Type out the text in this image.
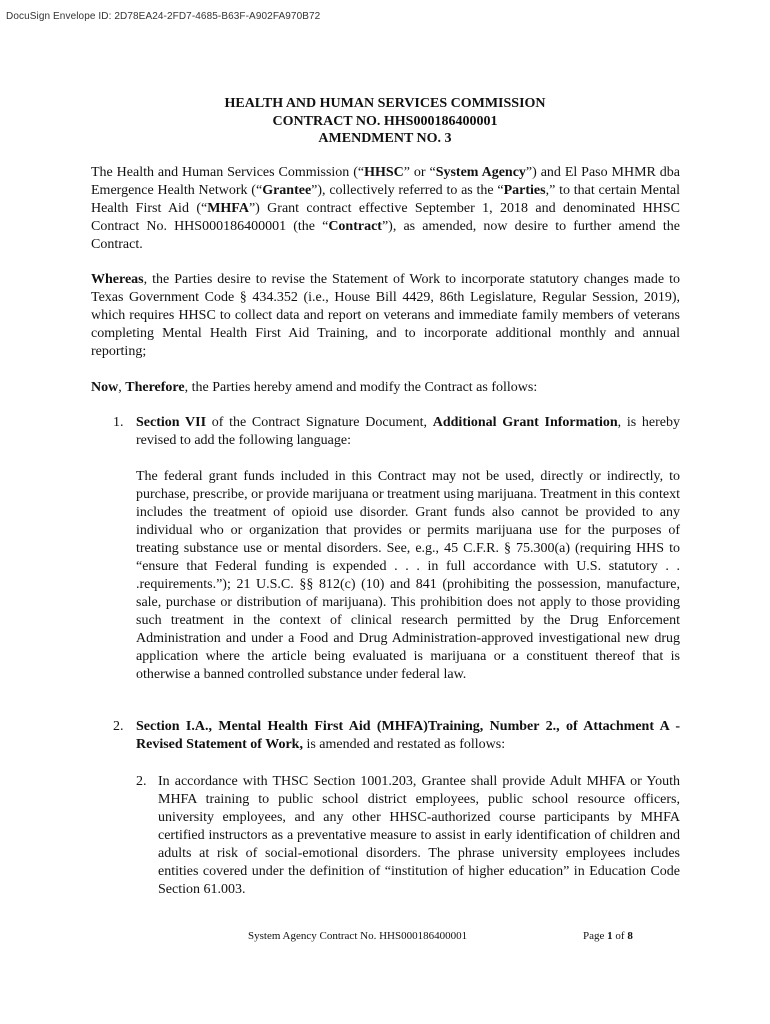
DocuSign Envelope ID: 2D78EA24-2FD7-4685-B63F-A902FA970B72
HEALTH AND HUMAN SERVICES COMMISSION
CONTRACT NO. HHS000186400001
AMENDMENT NO. 3

The Health and Human Services Commission (“HHSC” or “System Agency”) and El Paso MHMR dba Emergence Health Network (“Grantee”), collectively referred to as the “Parties,” to that certain Mental Health First Aid (“MHFA”) Grant contract effective September 1, 2018 and denominated HHSC Contract No. HHS000186400001 (the “Contract”), as amended, now desire to further amend the Contract.

Whereas, the Parties desire to revise the Statement of Work to incorporate statutory changes made to Texas Government Code § 434.352 (i.e., House Bill 4429, 86th Legislature, Regular Session, 2019), which requires HHSC to collect data and report on veterans and immediate family members of veterans completing Mental Health First Aid Training, and to incorporate additional monthly and annual reporting;

Now, Therefore, the Parties hereby amend and modify the Contract as follows:

1. Section VII of the Contract Signature Document, Additional Grant Information, is hereby revised to add the following language:
The federal grant funds included in this Contract may not be used, directly or indirectly, to purchase, prescribe, or provide marijuana or treatment using marijuana. Treatment in this context includes the treatment of opioid use disorder. Grant funds also cannot be provided to any individual who or organization that provides or permits marijuana use for the purposes of treating substance use or mental disorders. See, e.g., 45 C.F.R. § 75.300(a) (requiring HHS to “ensure that Federal funding is expended . . . in full accordance with U.S. statutory . . .requirements.”); 21 U.S.C. §§ 812(c) (10) and 841 (prohibiting the possession, manufacture, sale, purchase or distribution of marijuana). This prohibition does not apply to those providing such treatment in the context of clinical research permitted by the Drug Enforcement Administration and under a Food and Drug Administration-approved investigational new drug application where the article being evaluated is marijuana or a constituent thereof that is otherwise a banned controlled substance under federal law.
2. Section I.A., Mental Health First Aid (MHFA)Training, Number 2., of Attachment A - Revised Statement of Work, is amended and restated as follows:
2. In accordance with THSC Section 1001.203, Grantee shall provide Adult MHFA or Youth MHFA training to public school district employees, public school resource officers, university employees, and any other HHSC-authorized course participants by MHFA certified instructors as a preventative measure to assist in early identification of children and adults at risk of social-emotional disorders. The phrase university employees includes entities covered under the definition of “institution of higher education” in Education Code Section 61.003.
System Agency Contract No. HHS000186400001	Page 1 of 8
